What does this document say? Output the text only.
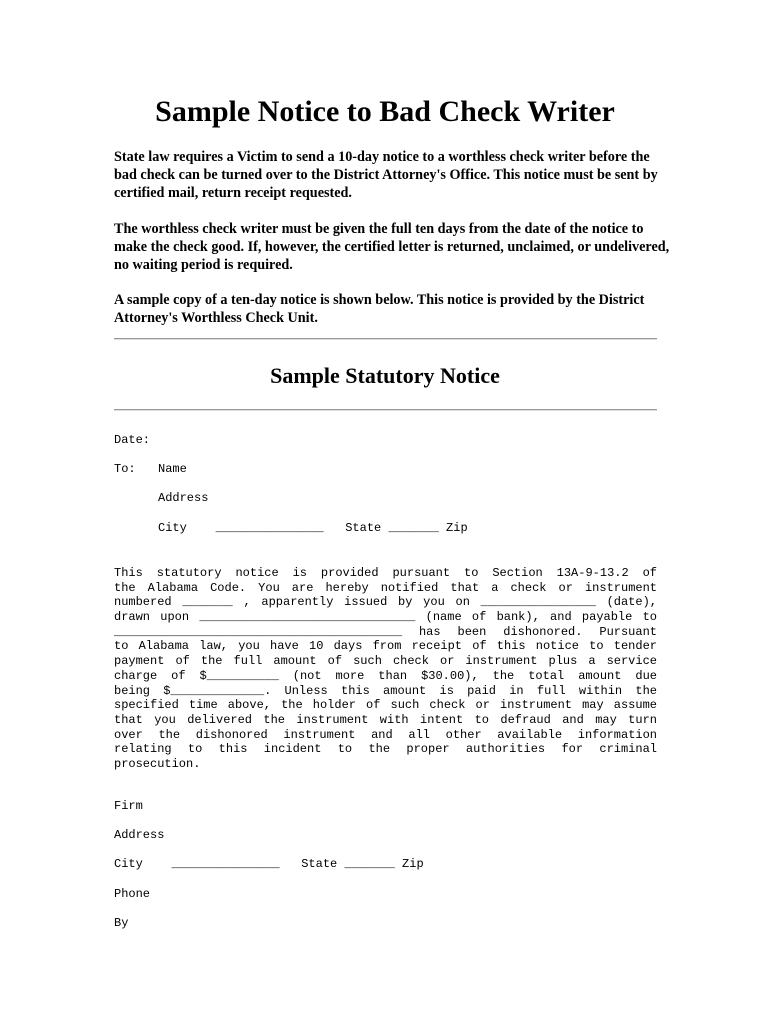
Sample Notice to Bad Check Writer

State law requires a Victim to send a 10-day notice to a worthless check writer before the bad check can be turned over to the District Attorney's Office. This notice must be sent by certified mail, return receipt requested.

The worthless check writer must be given the full ten days from the date of the notice to make the check good. If, however, the certified letter is returned, unclaimed, or undelivered, no waiting period is required.

A sample copy of a ten-day notice is shown below. This notice is provided by the District Attorney's Worthless Check Unit.

Sample Statutory Notice
Date:
To: Name
Address
City    _______________   State _______ Zip
This statutory notice is provided pursuant to Section 13A-9-13.2 of
the Alabama Code. You are hereby notified that a check or instrument
numbered _______ , apparently issued by you on ________________ (date),
drawn upon ______________________________ (name of bank), and payable to
________________________________________ has been dishonored. Pursuant
to Alabama law, you have 10 days from receipt of this notice to tender
payment of the full amount of such check or instrument plus a service
charge of $__________ (not more than $30.00), the total amount due
being $_____________. Unless this amount is paid in full within the
specified time above, the holder of such check or instrument may assume
that you delivered the instrument with intent to defraud and may turn
over the dishonored instrument and all other available information
relating to this incident to the proper authorities for criminal
prosecution.
Firm
Address
City    _______________   State _______ Zip
Phone
By
